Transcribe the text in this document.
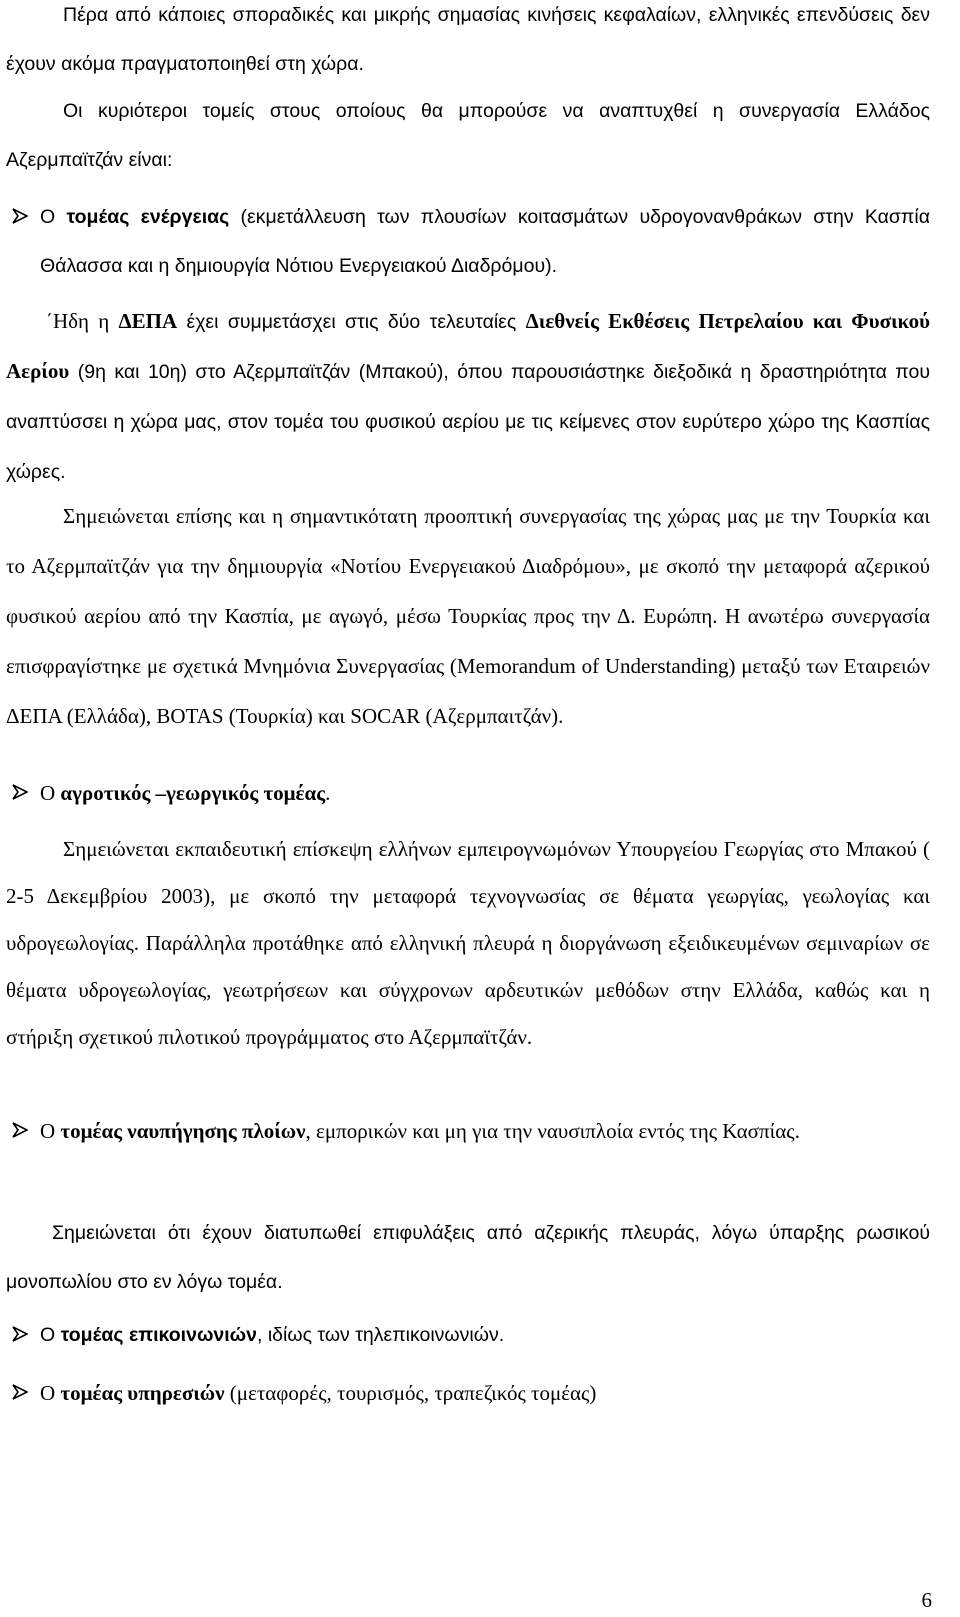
Πέρα από κάποιες σποραδικές και μικρής σημασίας κινήσεις κεφαλαίων, ελληνικές επενδύσεις δεν έχουν ακόμα πραγματοποιηθεί στη χώρα.

Οι κυριότεροι τομείς στους οποίους θα μπορούσε να αναπτυχθεί η συνεργασία Ελλάδος Αζερμπαϊτζάν είναι:

Ο τομέας ενέργειας (εκμετάλλευση των πλουσίων κοιτασμάτων υδρογονανθράκων στην Κασπία Θάλασσα και η δημιουργία Νότιου Ενεργειακού Διαδρόμου).

΄Ηδη η ΔΕΠΑ έχει συμμετάσχει στις δύο τελευταίες Διεθνείς Εκθέσεις Πετρελαίου και Φυσικού Αερίου (9η και 10η) στο Αζερμπαϊτζάν (Μπακού), όπου παρουσιάστηκε διεξοδικά η δραστηριότητα που αναπτύσσει η χώρα μας, στον τομέα του φυσικού αερίου με τις κείμενες στον ευρύτερο χώρο της Κασπίας χώρες.

Σημειώνεται επίσης και η σημαντικότατη προοπτική συνεργασίας της χώρας μας με την Τουρκία και το Αζερμπαϊτζάν για την δημιουργία «Νοτίου Ενεργειακού Διαδρόμου», με σκοπό την μεταφορά αζερικού φυσικού αερίου από την Κασπία, με αγωγό, μέσω Τουρκίας προς την Δ. Ευρώπη. Η ανωτέρω συνεργασία επισφραγίστηκε με σχετικά Μνημόνια Συνεργασίας (Memorandum of Understanding) μεταξύ των Εταιρειών ΔΕΠΑ (Ελλάδα), BOTAS (Τουρκία) και SOCAR (Αζερμπαιτζάν).

Ο αγροτικός –γεωργικός τομέας.

Σημειώνεται εκπαιδευτική επίσκεψη ελλήνων εμπειρογνωμόνων Υπουργείου Γεωργίας στο Μπακού ( 2-5 Δεκεμβρίου 2003), με σκοπό την μεταφορά τεχνογνωσίας σε θέματα γεωργίας, γεωλογίας και υδρογεωλογίας. Παράλληλα προτάθηκε από ελληνική πλευρά η διοργάνωση εξειδικευμένων σεμιναρίων σε θέματα υδρογεωλογίας, γεωτρήσεων και σύγχρονων αρδευτικών μεθόδων στην Ελλάδα, καθώς και η στήριξη σχετικού πιλοτικού προγράμματος στο Αζερμπαϊτζάν.

Ο τομέας ναυπήγησης πλοίων, εμπορικών και μη για την ναυσιπλοία εντός της Κασπίας.

Σημειώνεται ότι έχουν διατυπωθεί επιφυλάξεις από αζερικής πλευράς, λόγω ύπαρξης ρωσικού μονοπωλίου στο εν λόγω τομέα.

Ο τομέας επικοινωνιών, ιδίως των τηλεπικοινωνιών.
Ο τομέας υπηρεσιών (μεταφορές, τουρισμός, τραπεζικός τομέας)
6
